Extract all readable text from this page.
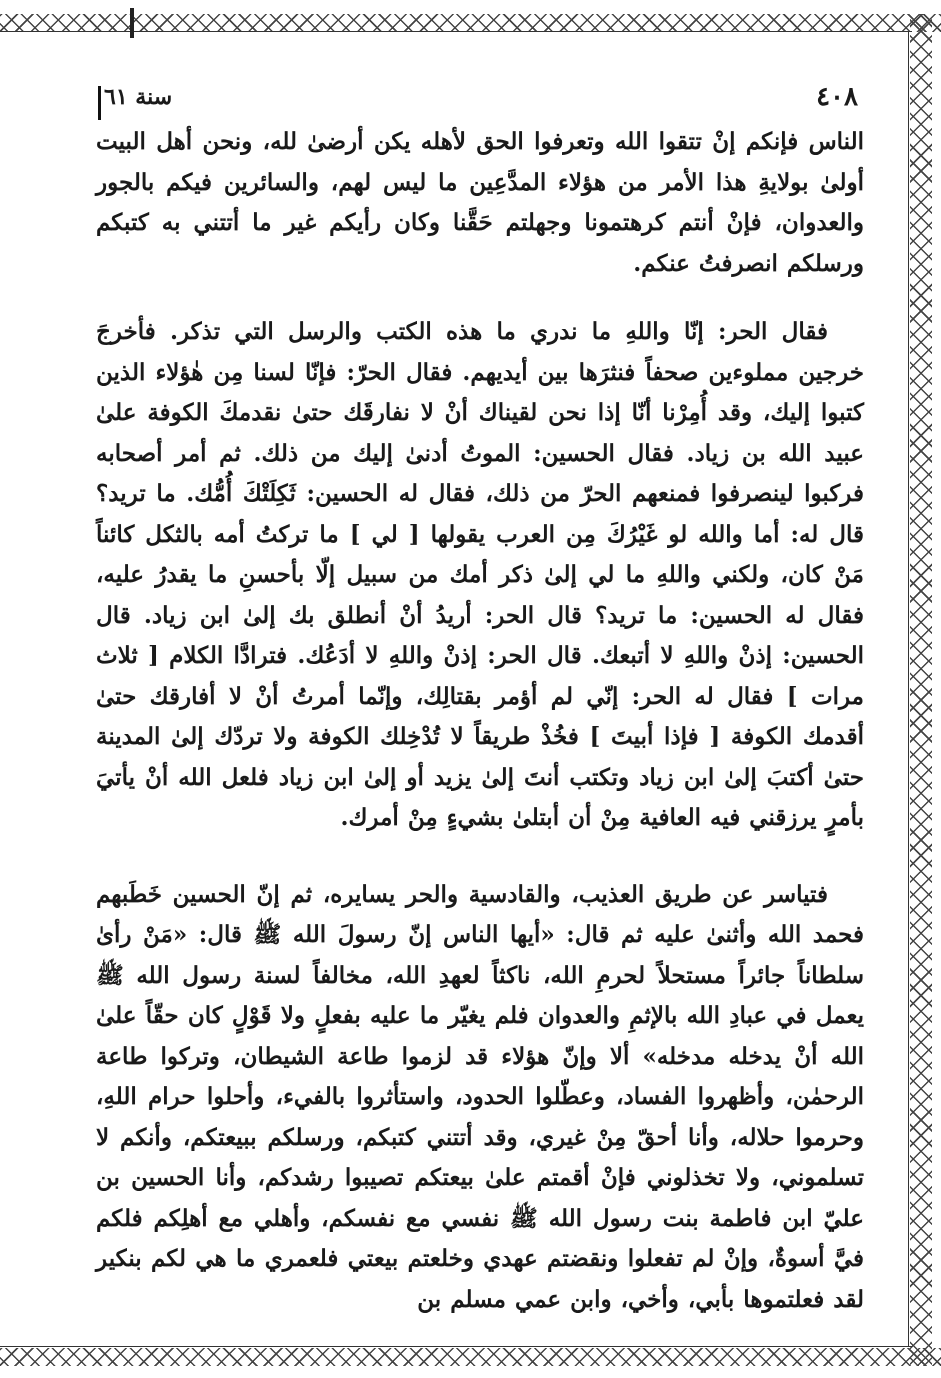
٤٠٨
سنة ٦١

الناس فإنكم إنْ تتقوا الله وتعرفوا الحق لأهله يكن أرضىٰ لله، ونحن أهل البيت أولىٰ بولايةِ هذا الأمر من هؤلاء المدَّعِين ما ليس لهم، والسائرين فيكم بالجور والعدوان، فإنْ أنتم كرهتمونا وجهلتم حَقَّنا وكان رأيكم غير ما أتتني به كتبكم ورسلكم انصرفتُ عنكم.

فقال الحر: إنّا واللهِ ما ندري ما هذه الكتب والرسل التي تذكر. فأخرجَ خرجين مملوءين صحفاً فنثرَها بين أيديهم. فقال الحرّ: فإنّا لسنا مِن هٰؤلاء الذين كتبوا إليك، وقد أُمِرْنا أنّا إذا نحن لقيناك أنْ لا نفارقَك حتىٰ نقدمكَ الكوفة علىٰ عبيد الله بن زياد. فقال الحسين: الموتُ أدنىٰ إليك من ذلك. ثم أمر أصحابه فركبوا لينصرفوا فمنعهم الحرّ من ذلك، فقال له الحسين: ثَكِلَتْكَ أُمُّك. ما تريد؟ قال له: أما والله لو غَيْرُكَ مِن العرب يقولها [ لي ] ما تركتُ أمه بالثكل كائناً مَنْ كان، ولكني واللهِ ما لي إلىٰ ذكر أمك من سبيل إلّا بأحسنِ ما يقدرُ عليه، فقال له الحسين: ما تريد؟ قال الحر: أريدُ أنْ أنطلق بك إلىٰ ابن زياد. قال الحسين: إذنْ واللهِ لا أتبعك. قال الحر: إذنْ واللهِ لا أدَعُك. فترادَّا الكلام [ ثلاث مرات ] فقال له الحر: إنّي لم أؤمر بقتالِك، وإنّما أمرتُ أنْ لا أفارقك حتىٰ أقدمك الكوفة [ فإذا أبيتَ ] فخُذْ طريقاً لا تُدْخِلك الكوفة ولا تردّك إلىٰ المدينة حتىٰ أكتبَ إلىٰ ابن زياد وتكتب أنتَ إلىٰ يزيد أو إلىٰ ابن زياد فلعل الله أنْ يأتيَ بأمرٍ يرزقني فيه العافية مِنْ أن أبتلىٰ بشيءٍ مِنْ أمرك.

فتياسر عن طريق العذيب، والقادسية والحر يسايره، ثم إنّ الحسين خَطَبهم فحمد الله وأثنىٰ عليه ثم قال: «أيها الناس إنّ رسولَ الله ﷺ قال: «مَنْ رأىٰ سلطاناً جائراً مستحلاً لحرمِ الله، ناكثاً لعهدِ الله، مخالفاً لسنة رسول الله ﷺ يعمل في عبادِ الله بالإثمِ والعدوان فلم يغيّر ما عليه بفعلٍ ولا قَوْلٍ كان حقّاً علىٰ الله أنْ يدخله مدخله» ألا وإنّ هؤلاء قد لزموا طاعة الشيطان، وتركوا طاعة الرحمٰن، وأظهروا الفساد، وعطّلوا الحدود، واستأثروا بالفيء، وأحلوا حرام اللهِ، وحرموا حلاله، وأنا أحقّ مِنْ غيري، وقد أتتني كتبكم، ورسلكم ببيعتكم، وأنكم لا تسلموني، ولا تخذلوني فإنْ أقمتم علىٰ بيعتكم تصيبوا رشدكم، وأنا الحسين بن عليّ ابن فاطمة بنت رسول الله ﷺ نفسي مع نفسكم، وأهلي مع أهلِكم فلكم فيَّ أسوةٌ، وإنْ لم تفعلوا ونقضتم عهدي وخلعتم بيعتي فلعمري ما هي لكم بنكير لقد فعلتموها بأبي، وأخي، وابن عمي مسلم بن
